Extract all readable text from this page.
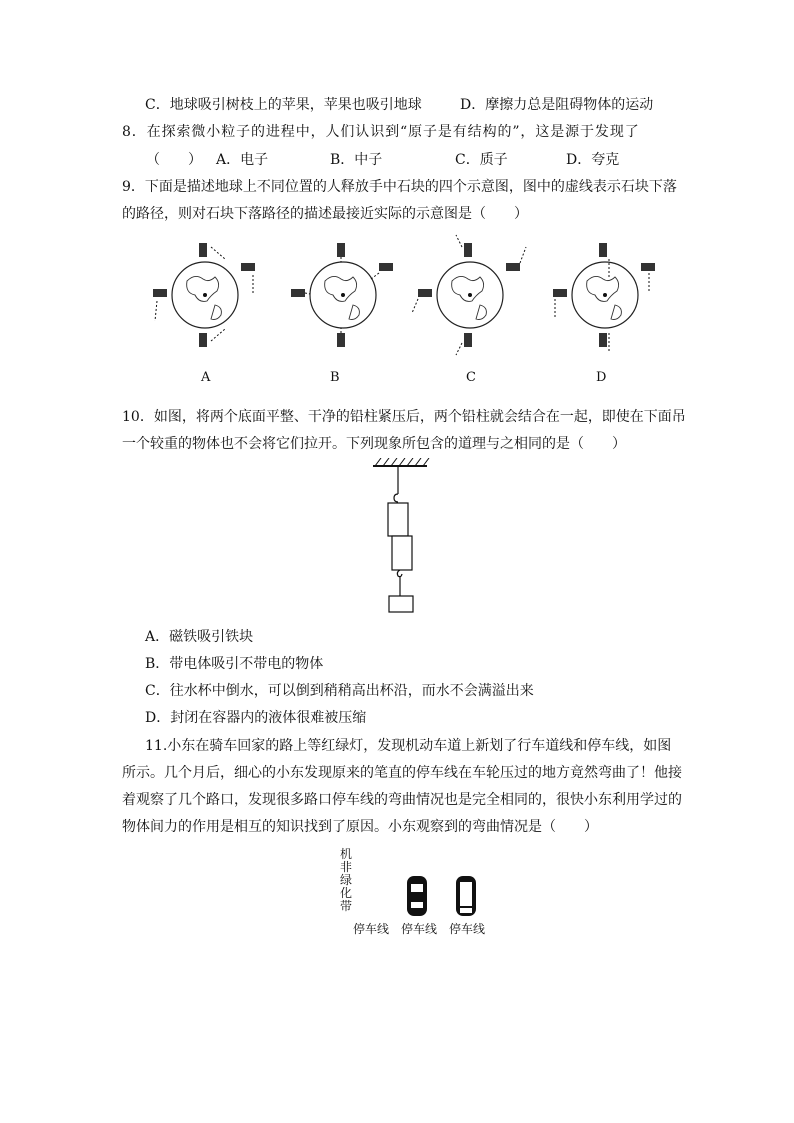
C．地球吸引树枝上的苹果，苹果也吸引地球	D．摩擦力总是阻碍物体的运动
8．在探索微小粒子的进程中，人们认识到“原子是有结构的”，这是源于发现了
（　　） A．电子	B．中子	C．质子	D．夸克
9．下面是描述地球上不同位置的人释放手中石块的四个示意图，图中的虚线表示石块下落
的路径，则对石块下落路径的描述最接近实际的示意图是（　　）
A	B	C	D
10．如图，将两个底面平整、干净的铅柱紧压后，两个铅柱就会结合在一起，即使在下面吊
一个较重的物体也不会将它们拉开。下列现象所包含的道理与之相同的是（　　）
A．磁铁吸引铁块
B．带电体吸引不带电的物体
C．往水杯中倒水，可以倒到稍稍高出杯沿，而水不会满溢出来
D．封闭在容器内的液体很难被压缩
11.小东在骑车回家的路上等红绿灯，发现机动车道上新划了行车道线和停车线，如图
所示。几个月后，细心的小东发现原来的笔直的停车线在车轮压过的地方竟然弯曲了！他接
着观察了几个路口，发现很多路口停车线的弯曲情况也是完全相同的，很快小东利用学过的
物体间力的作用是相互的知识找到了原因。小东观察到的弯曲情况是（　　）
机非绿化带
停车线 停车线 停车线
